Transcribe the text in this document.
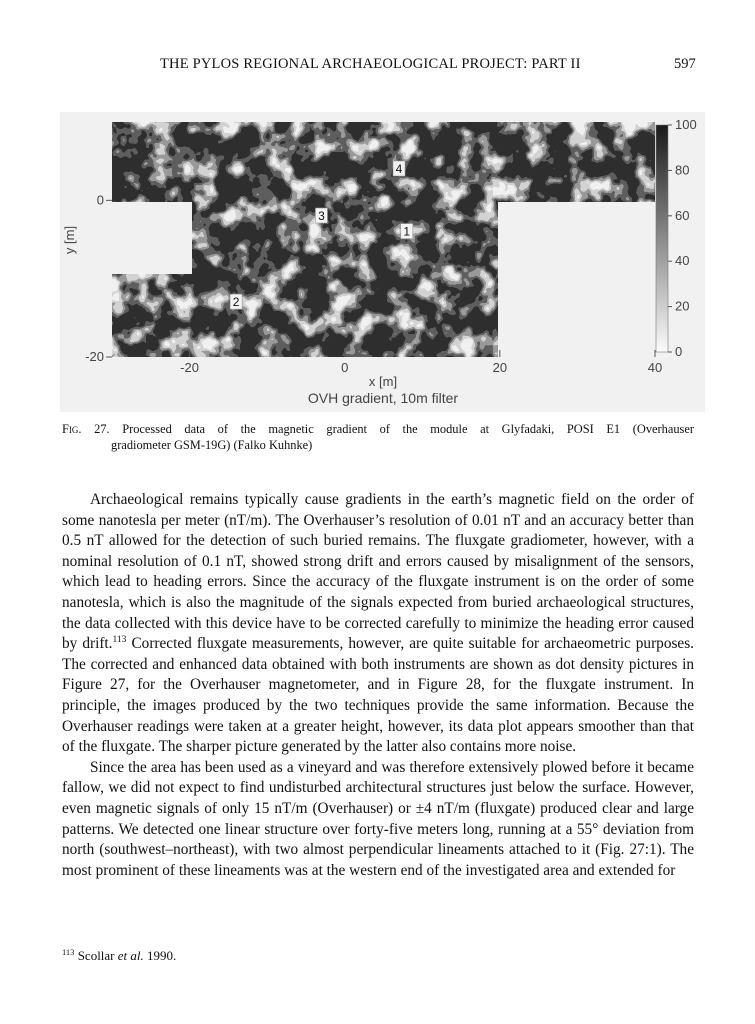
THE PYLOS REGIONAL ARCHAEOLOGICAL PROJECT: PART II	597
-20	0	20	40
0
-20
1
2
3
4
100
80
60
40
20
0
x [m]
OVH gradient, 10m filter
y [m]
Fig. 27. Processed data of the magnetic gradient of the module at Glyfadaki, POSI E1 (Overhauser
gradiometer GSM-19G) (Falko Kuhnke)

Archaeological remains typically cause gradients in the earth’s magnetic field on the order of some nanotesla per meter (nT/m). The Overhauser’s resolution of 0.01 nT and an accuracy better than 0.5 nT allowed for the detection of such buried remains. The fluxgate gradiometer, however, with a nominal resolution of 0.1 nT, showed strong drift and errors caused by misalignment of the sensors, which lead to heading errors. Since the accuracy of the fluxgate instrument is on the order of some nanotesla, which is also the magnitude of the signals expected from buried archaeological structures, the data collected with this device have to be corrected carefully to minimize the heading error caused by drift.$^{113}$ Corrected fluxgate measurements, however, are quite suitable for archaeometric purposes. The corrected and enhanced data obtained with both instruments are shown as dot density pictures in Figure 27, for the Overhauser magnetometer, and in Figure 28, for the fluxgate instrument. In principle, the images produced by the two techniques provide the same information. Because the Overhauser readings were taken at a greater height, however, its data plot appears smoother than that of the fluxgate. The sharper picture generated by the latter also contains more noise.

Since the area has been used as a vineyard and was therefore extensively plowed before it became fallow, we did not expect to find undisturbed architectural structures just below the surface. However, even magnetic signals of only 15 nT/m (Overhauser) or ±4 nT/m (fluxgate) produced clear and large patterns. We detected one linear structure over forty-five meters long, running at a 55° deviation from north (southwest–northeast), with two almost perpendicular lineaments attached to it (Fig. 27:1). The most prominent of these lineaments was at the western end of the investigated area and extended for

$^{113}$ Scollar et al. 1990.
